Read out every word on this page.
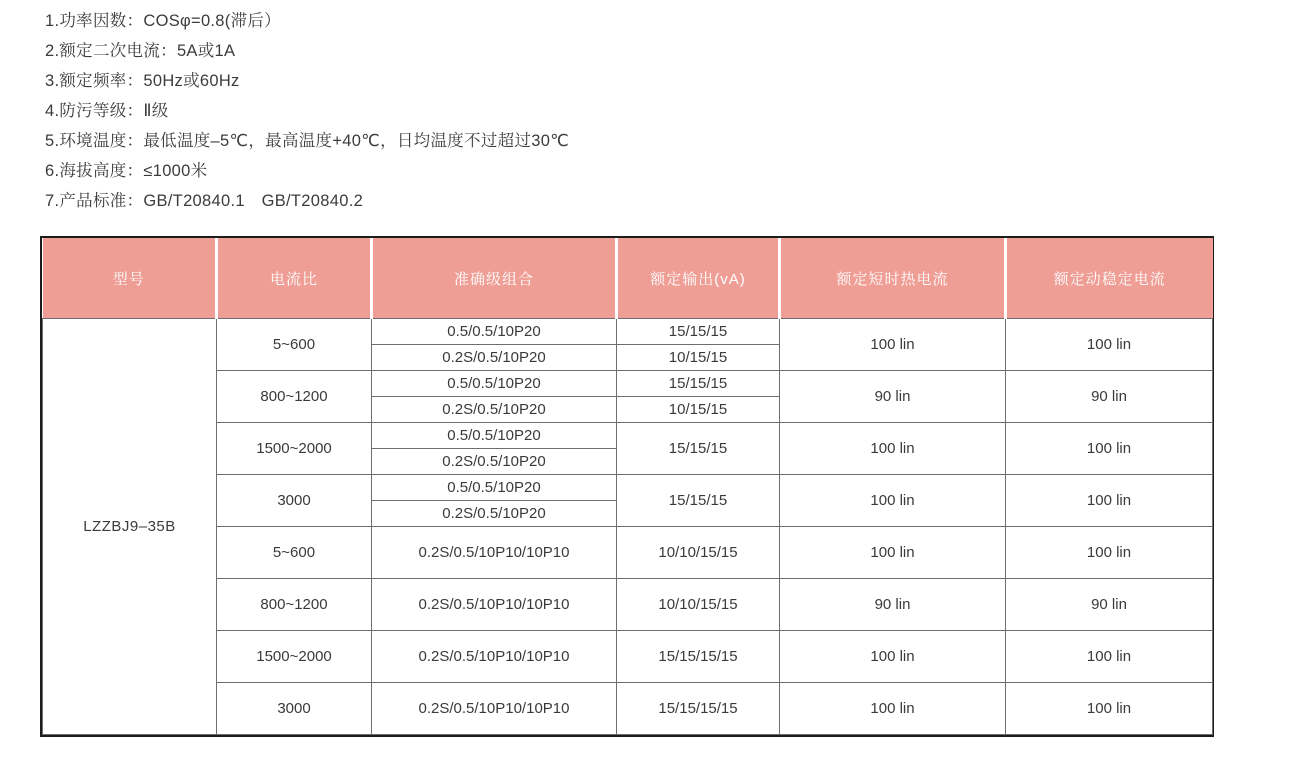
1.功率因数：COSφ=0.8(滞后）

2.额定二次电流：5A或1A

3.额定频率：50Hz或60Hz

4.防污等级：Ⅱ级

5.环境温度：最低温度–5℃，最高温度+40℃，日均温度不过超过30℃

6.海拔高度：≤1000米

7.产品标准：GB/T20840.1　GB/T20840.2

型号	电流比	准确级组合	额定输出(vA)	额定短时热电流	额定动稳定电流
LZZBJ9–35B	5~600	0.5/0.5/10P20	15/15/15	100 lin	100 lin
		0.2S/0.5/10P20	10/15/15		
	800~1200	0.5/0.5/10P20	15/15/15	90 lin	90 lin
		0.2S/0.5/10P20	10/15/15		
	1500~2000	0.5/0.5/10P20	15/15/15	100 lin	100 lin
		0.2S/0.5/10P20			
	3000	0.5/0.5/10P20	15/15/15	100 lin	100 lin
		0.2S/0.5/10P20			
	5~600	0.2S/0.5/10P10/10P10	10/10/15/15	100 lin	100 lin
	800~1200	0.2S/0.5/10P10/10P10	10/10/15/15	90 lin	90 lin
	1500~2000	0.2S/0.5/10P10/10P10	15/15/15/15	100 lin	100 lin
	3000	0.2S/0.5/10P10/10P10	15/15/15/15	100 lin	100 lin
